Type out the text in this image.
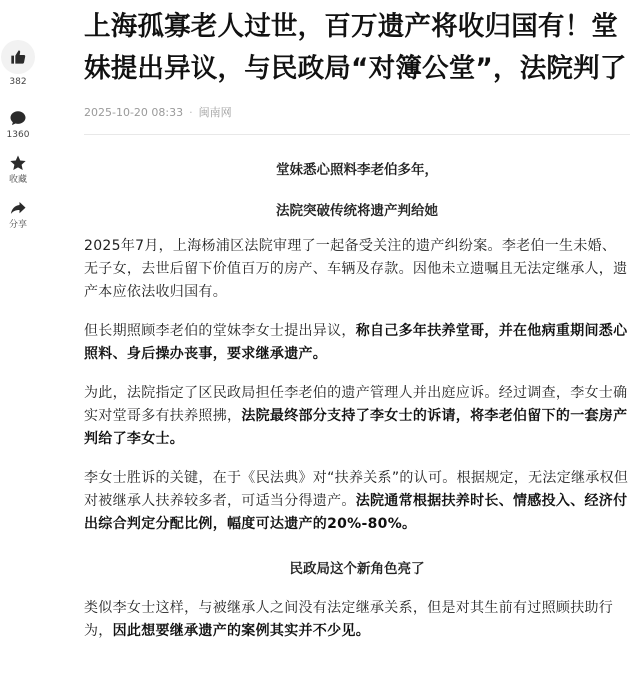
382
1360
收藏
分享
上海孤寡老人过世，百万遗产将收归国有！堂妹提出异议，与民政局“对簿公堂”，法院判了
2025-10-20 08:33 · 闽南网

堂妹悉心照料李老伯多年，

法院突破传统将遗产判给她

2025年7月，上海杨浦区法院审理了一起备受关注的遗产纠纷案。李老伯一生未婚、无子女，去世后留下价值百万的房产、车辆及存款。因他未立遗嘱且无法定继承人，遗产本应依法收归国有。

但长期照顾李老伯的堂妹李女士提出异议，称自己多年扶养堂哥，并在他病重期间悉心照料、身后操办丧事，要求继承遗产。

为此，法院指定了区民政局担任李老伯的遗产管理人并出庭应诉。经过调查，李女士确实对堂哥多有扶养照拂，法院最终部分支持了李女士的诉请，将李老伯留下的一套房产判给了李女士。

李女士胜诉的关键，在于《民法典》对“扶养关系”的认可。根据规定，无法定继承权但对被继承人扶养较多者，可适当分得遗产。法院通常根据扶养时长、情感投入、经济付出综合判定分配比例，幅度可达遗产的20%-80%。

民政局这个新角色亮了

类似李女士这样，与被继承人之间没有法定继承关系，但是对其生前有过照顾扶助行为，因此想要继承遗产的案例其实并不少见。
